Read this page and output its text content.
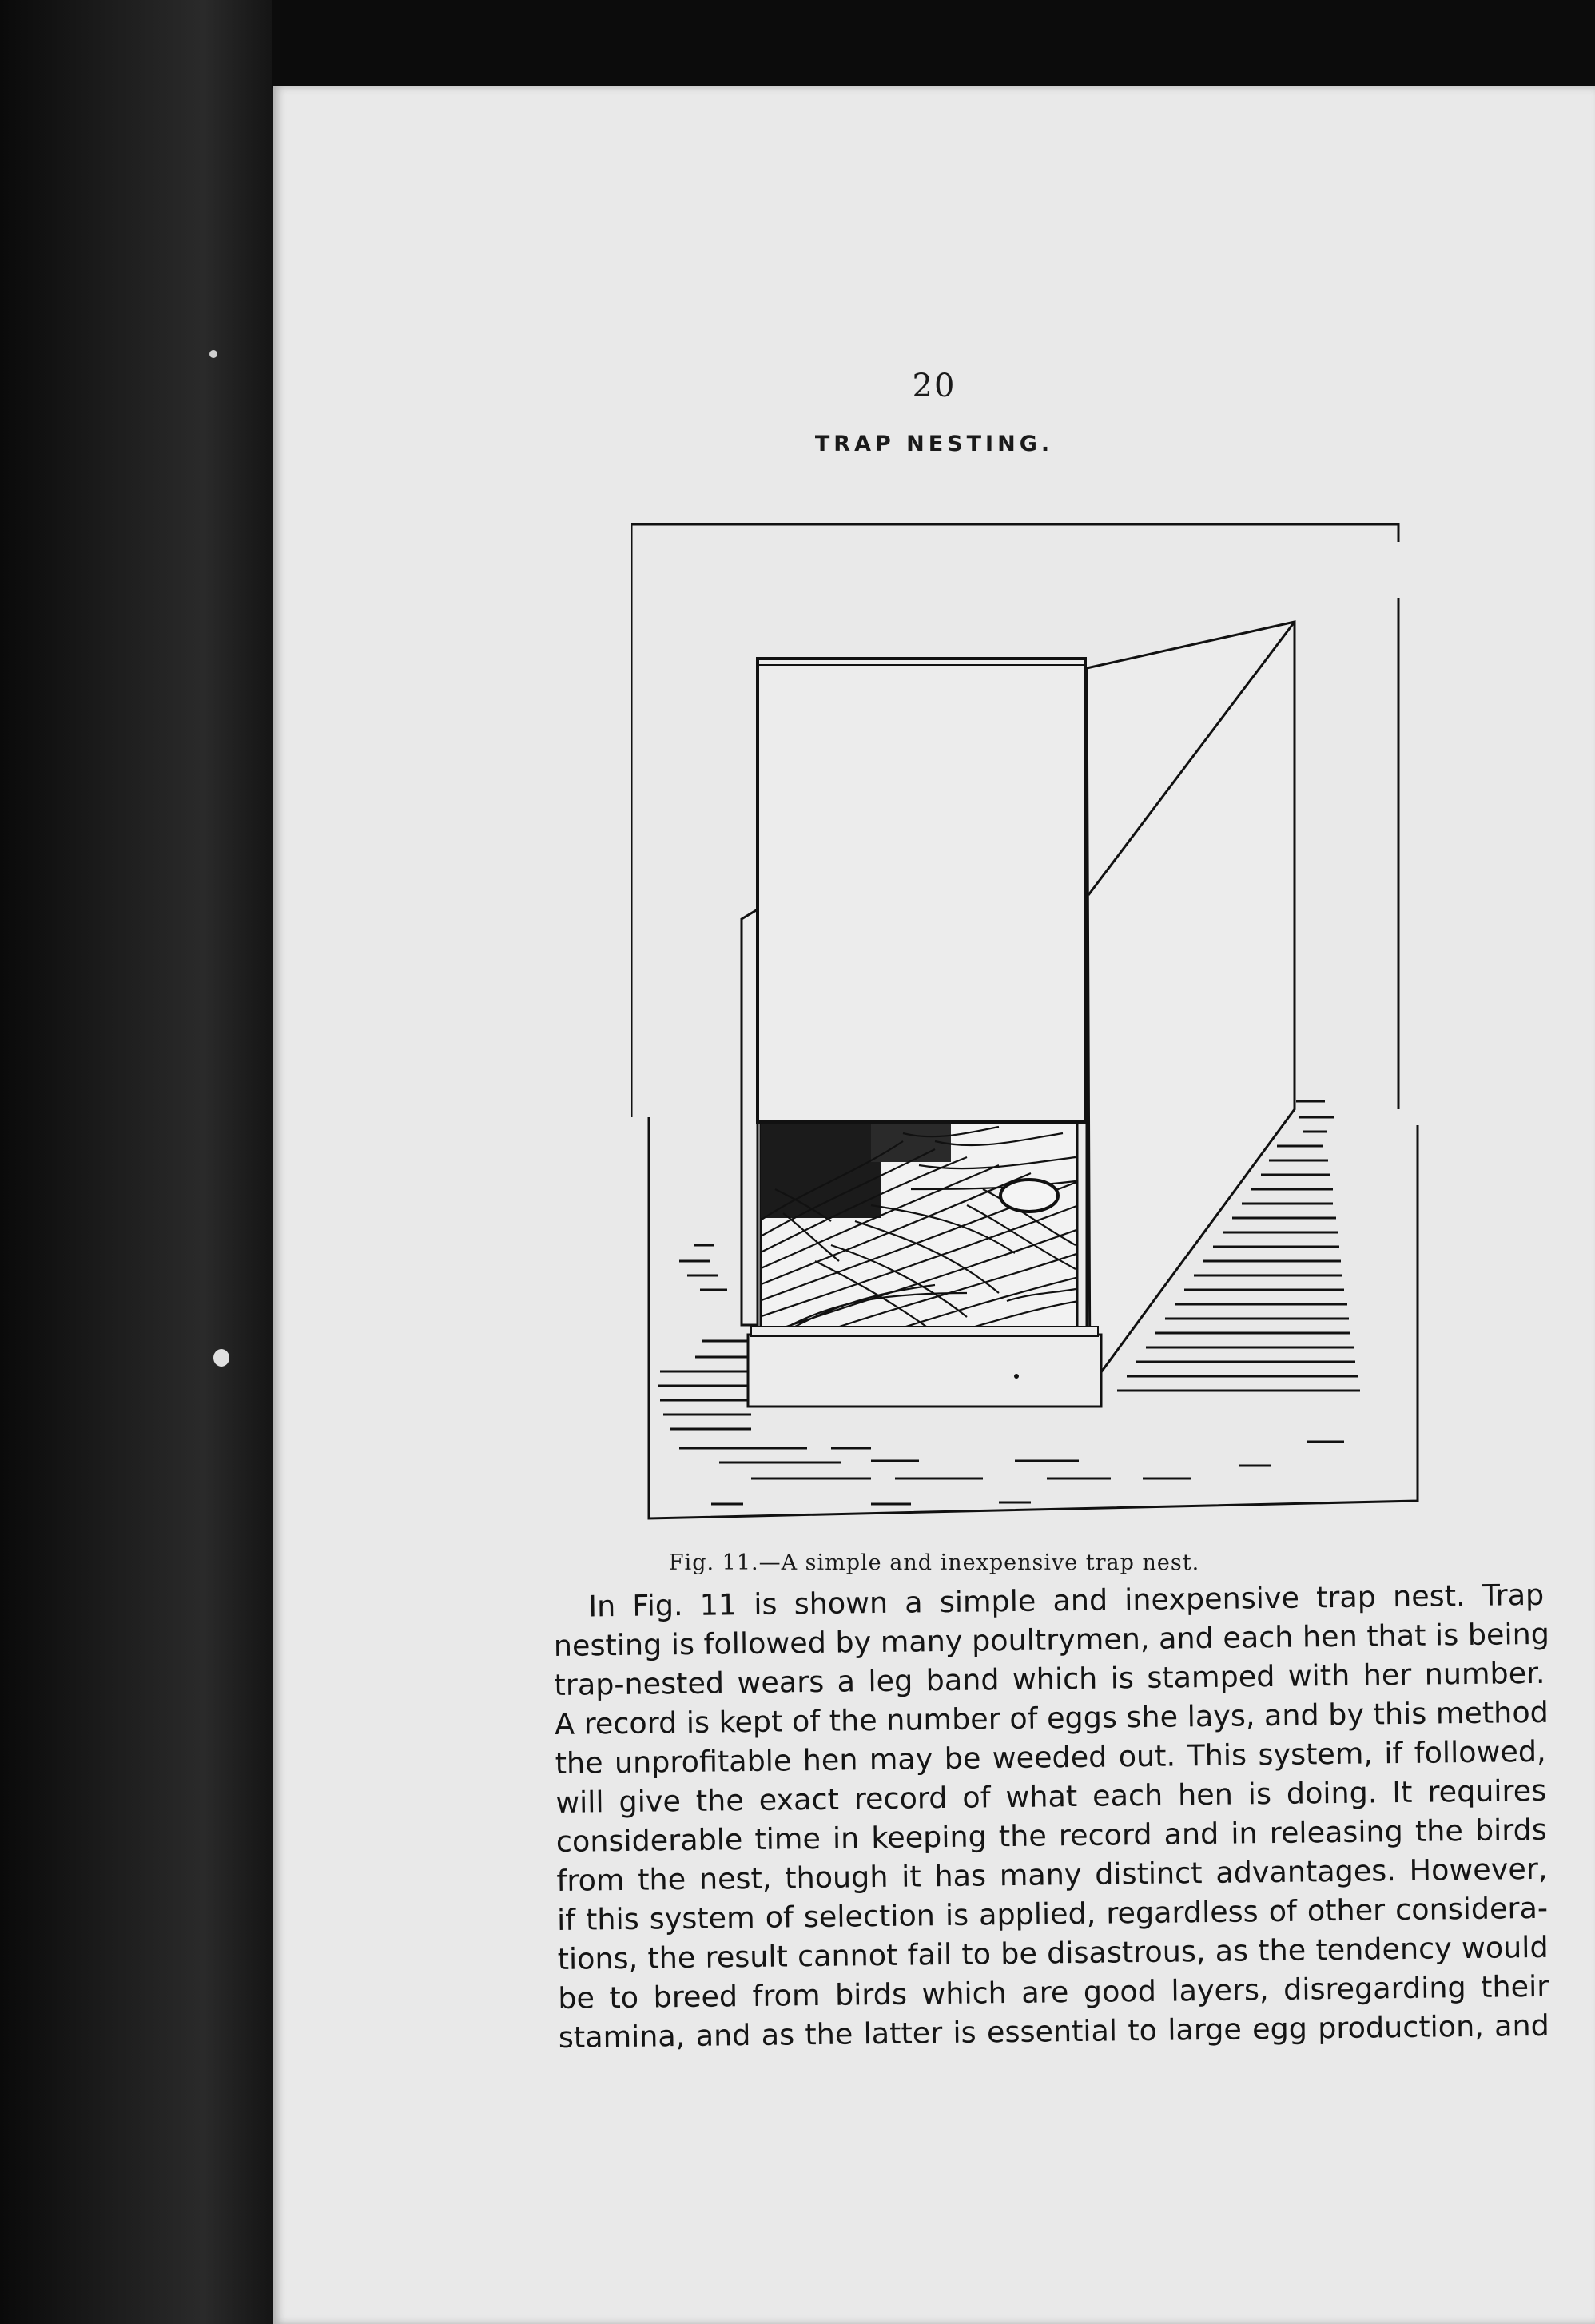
20
TRAP NESTING.
Fig. 11.—A simple and inexpensive trap nest.
In Fig. 11 is shown a simple and inexpensive trap nest. Trap
nesting is followed by many poultrymen, and each hen that is being
trap-nested wears a leg band which is stamped with her number.
A record is kept of the number of eggs she lays, and by this method
the unprofitable hen may be weeded out. This system, if followed,
will give the exact record of what each hen is doing. It requires
considerable time in keeping the record and in releasing the birds
from the nest, though it has many distinct advantages. However,
if this system of selection is applied, regardless of other considera-
tions, the result cannot fail to be disastrous, as the tendency would
be to breed from birds which are good layers, disregarding their
stamina, and as the latter is essential to large egg production, and
